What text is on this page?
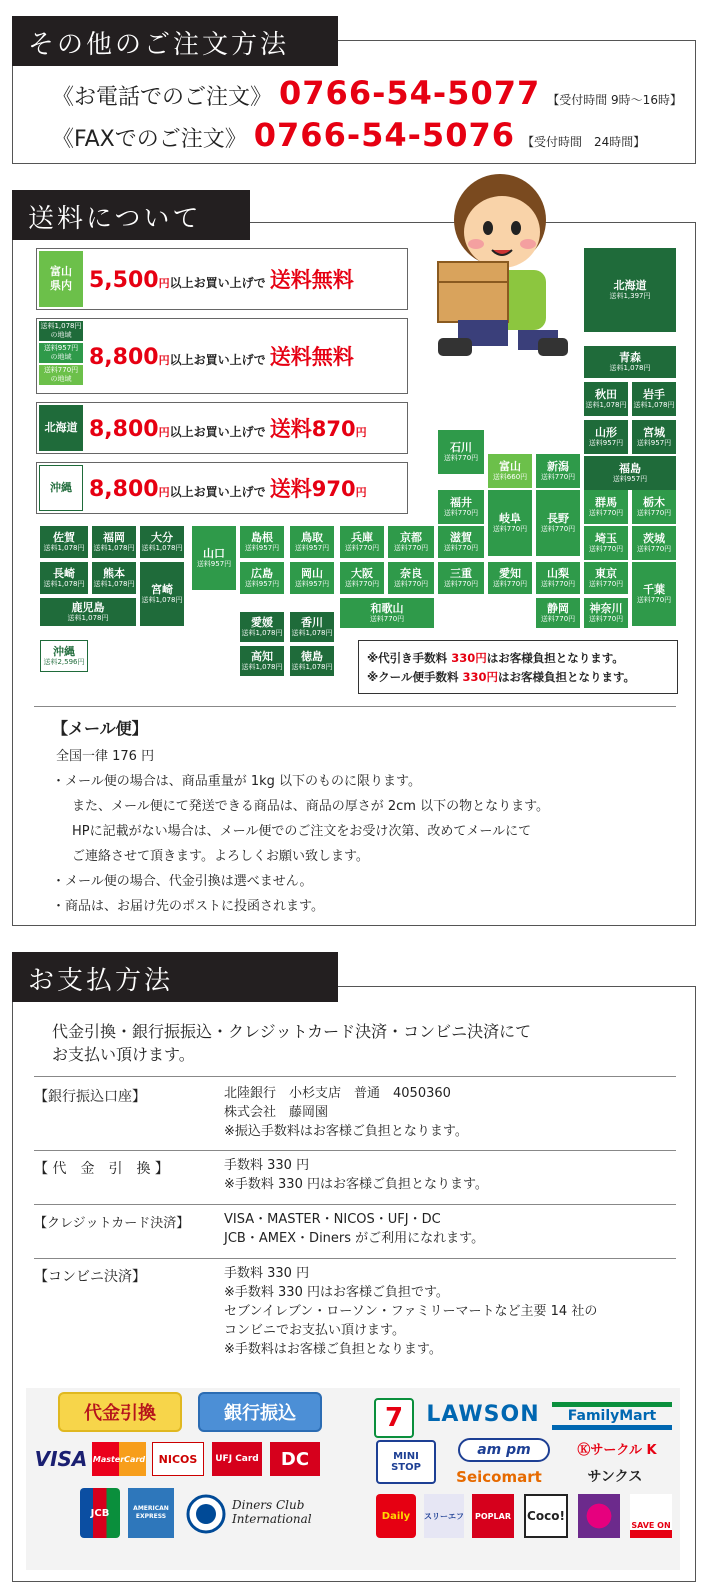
その他のご注文方法
《お電話でのご注文》 0766-54-5077 【受付時間 9時〜16時】
《FAXでのご注文》 0766-54-5076 【受付時間　24時間】
送料について
富山
県内 5,500円以上お買い上げで 送料無料
送料1,078円
の地域
送料957円
の地域
送料770円
の地域
8,800円以上お買い上げで 送料無料
北海道 8,800円以上お買い上げで 送料870円
沖縄 8,800円以上お買い上げで 送料970円
北海道
送料1,397円
青森
送料1,078円
秋田
送料1,078円
岩手
送料1,078円
山形
送料957円
宮城
送料957円
福島
送料957円
石川
送料770円
富山
送料660円
新潟
送料770円
福井
送料770円 岐阜
送料770円
長野
送料770円
群馬
送料770円
栃木
送料770円
埼玉
送料770円
茨城
送料770円
佐賀
送料1,078円
福岡
送料1,078円
大分
送料1,078円 山口
送料957円
島根
送料957円
鳥取
送料957円
兵庫
送料770円
京都
送料770円
滋賀
送料770円
長崎
送料1,078円
熊本
送料1,078円 宮崎
送料1,078円
広島
送料957円
岡山
送料957円
大阪
送料770円
奈良
送料770円
三重
送料770円
愛知
送料770円
山梨
送料770円
東京
送料770円 千葉
送料770円
鹿児島
送料1,078円
和歌山
送料770円
静岡
送料770円
神奈川
送料770円
愛媛
送料1,078円
香川
送料1,078円
高知
送料1,078円
徳島
送料1,078円
沖縄
送料2,596円	※代引き手数料 330円はお客様負担となります。
※クール便手数料 330円はお客様負担となります。
【メール便】
全国一律 176 円
・メール便の場合は、商品重量が 1kg 以下のものに限ります。
また、メール便にて発送できる商品は、商品の厚さが 2cm 以下の物となります。
HPに記載がない場合は、メール便でのご注文をお受け次第、改めてメールにて
ご連絡させて頂きます。よろしくお願い致します。
・メール便の場合、代金引換は選べません。
・商品は、お届け先のポストに投函されます。
お支払方法
代金引換・銀行振振込・クレジットカード決済・コンビニ決済にて
お支払い頂けます。
【銀行振込口座】	北陸銀行　小杉支店　普通　4050360
株式会社　藤岡園
※振込手数料はお客様ご負担となります。
【 代　金　引　換 】	手数料 330 円
※手数料 330 円はお客様ご負担となります。
【クレジットカード決済】	VISA・MASTER・NICOS・UFJ・DC
JCB・AMEX・Diners がご利用になれます。
【コンビニ決済】	手数料 330 円
※手数料 330 円はお客様ご負担です。
セブンイレブン・ローソン・ファミリーマートなど主要 14 社の
コンビニでお支払い頂けます。
※手数料はお客様ご負担となります。
代金引換	銀行振込
VISA MasterCard	NICOS	UFJ Card	DC
JCB	AMERICAN EXPRESS
Diners Club
International
7	LAWSON	FamilyMart
MINI STOP
am pm	Ⓚサークル K
Seicomart	サンクス
Daily	スリーエフ	POPLAR Coco!
SAVE ON
